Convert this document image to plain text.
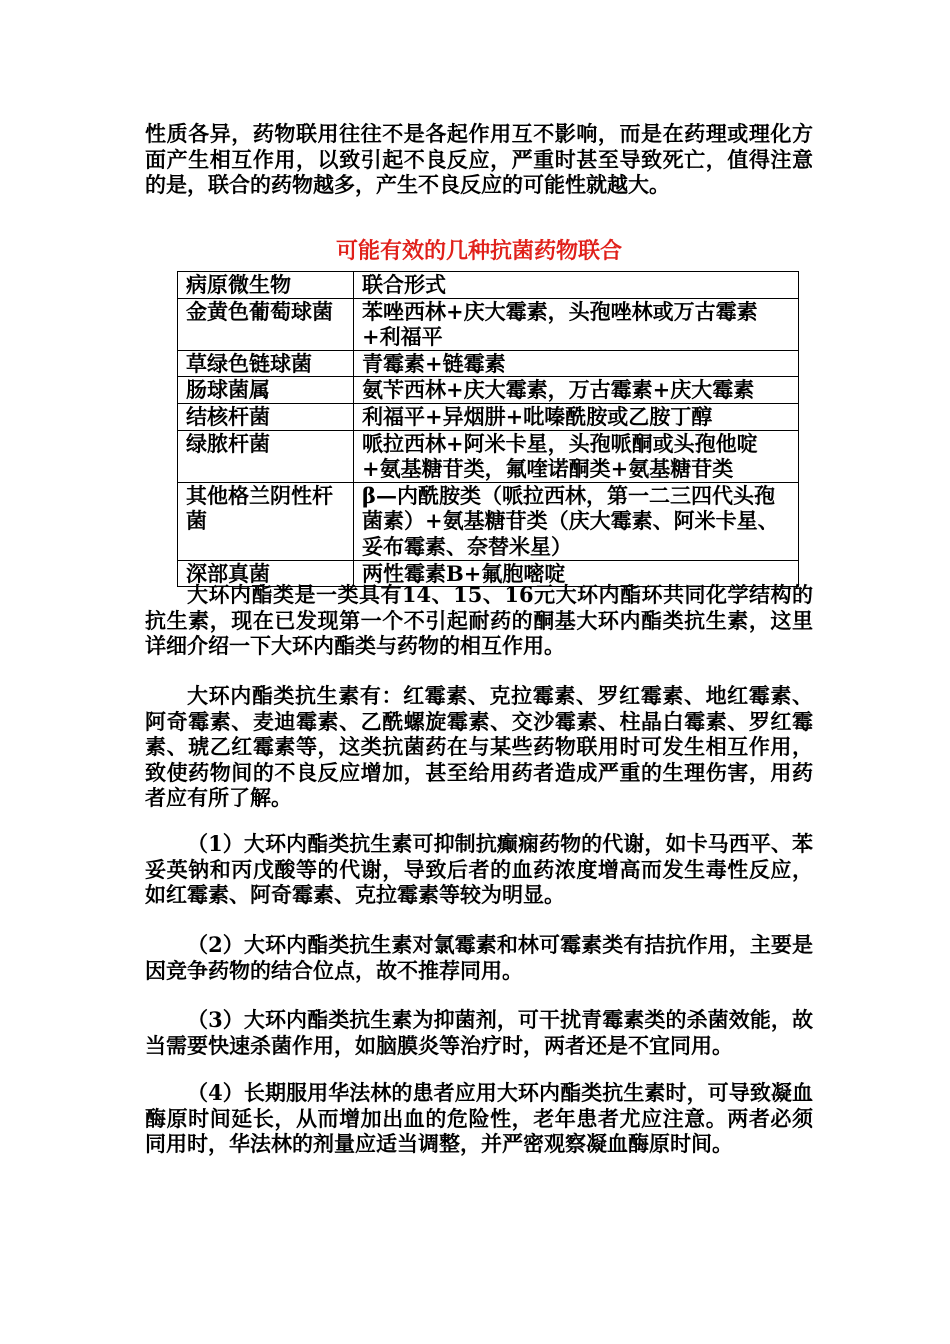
性质各异，药物联用往往不是各起作用互不影响，而是在药理或理化方面产生相互作用，以致引起不良反应，严重时甚至导致死亡，值得注意的是，联合的药物越多，产生不良反应的可能性就越大。

可能有效的几种抗菌药物联合
病原微生物	联合形式
金黄色葡萄球菌	苯唑西林+庆大霉素，头孢唑林或万古霉素+利福平
草绿色链球菌	青霉素+链霉素
肠球菌属	氨苄西林+庆大霉素，万古霉素+庆大霉素
结核杆菌	利福平+异烟肼+吡嗪酰胺或乙胺丁醇
绿脓杆菌	哌拉西林+阿米卡星，头孢哌酮或头孢他啶+氨基糖苷类，氟喹诺酮类+氨基糖苷类
其他格兰阴性杆菌	β—内酰胺类（哌拉西林，第一二三四代头孢菌素）+氨基糖苷类（庆大霉素、阿米卡星、妥布霉素、奈替米星）
深部真菌	两性霉素B+氟胞嘧啶

大环内酯类是一类具有14、15、16元大环内酯环共同化学结构的抗生素，现在已发现第一个不引起耐药的酮基大环内酯类抗生素，这里详细介绍一下大环内酯类与药物的相互作用。

大环内酯类抗生素有：红霉素、克拉霉素、罗红霉素、地红霉素、阿奇霉素、麦迪霉素、乙酰螺旋霉素、交沙霉素、柱晶白霉素、罗红霉素、琥乙红霉素等，这类抗菌药在与某些药物联用时可发生相互作用，致使药物间的不良反应增加，甚至给用药者造成严重的生理伤害，用药者应有所了解。

（1）大环内酯类抗生素可抑制抗癫痫药物的代谢，如卡马西平、苯妥英钠和丙戊酸等的代谢，导致后者的血药浓度增高而发生毒性反应，如红霉素、阿奇霉素、克拉霉素等较为明显。

（2）大环内酯类抗生素对氯霉素和林可霉素类有拮抗作用，主要是因竞争药物的结合位点，故不推荐同用。

（3）大环内酯类抗生素为抑菌剂，可干扰青霉素类的杀菌效能，故当需要快速杀菌作用，如脑膜炎等治疗时，两者还是不宜同用。

（4）长期服用华法林的患者应用大环内酯类抗生素时，可导致凝血酶原时间延长，从而增加出血的危险性，老年患者尤应注意。两者必须同用时，华法林的剂量应适当调整，并严密观察凝血酶原时间。
